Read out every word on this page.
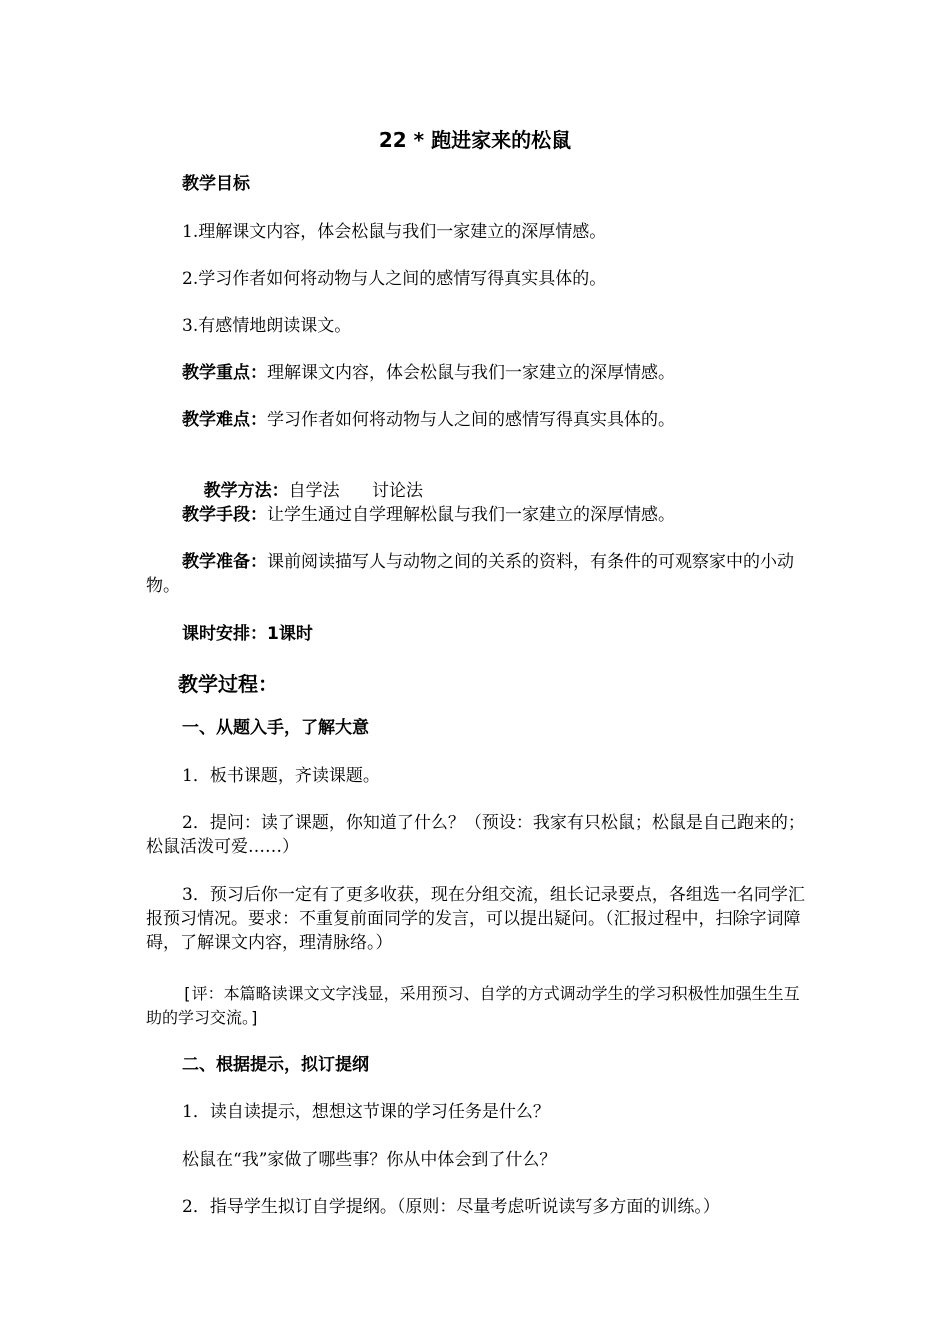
22 * 跑进家来的松鼠
教学目标
1.理解课文内容，体会松鼠与我们一家建立的深厚情感。
2.学习作者如何将动物与人之间的感情写得真实具体的。
3.有感情地朗读课文。
教学重点：理解课文内容，体会松鼠与我们一家建立的深厚情感。
教学难点：学习作者如何将动物与人之间的感情写得真实具体的。

教学方法：自学法      讨论法

教学手段：让学生通过自学理解松鼠与我们一家建立的深厚情感。
教学准备：课前阅读描写人与动物之间的关系的资料，有条件的可观察家中的小动物。
课时安排：1课时
教学过程：
一、从题入手，了解大意
1．板书课题，齐读课题。
2．提问：读了课题，你知道了什么？（预设：我家有只松鼠；松鼠是自己跑来的；松鼠活泼可爱……）
3．预习后你一定有了更多收获，现在分组交流，组长记录要点，各组选一名同学汇报预习情况。要求：不重复前面同学的发言，可以提出疑问。（汇报过程中，扫除字词障碍，了解课文内容，理清脉络。）
[评：本篇略读课文文字浅显，采用预习、自学的方式调动学生的学习积极性加强生生互助的学习交流。]
二、根据提示，拟订提纲
1．读自读提示，想想这节课的学习任务是什么？
松鼠在“我”家做了哪些事？你从中体会到了什么？
2．指导学生拟订自学提纲。（原则：尽量考虑听说读写多方面的训练。）
